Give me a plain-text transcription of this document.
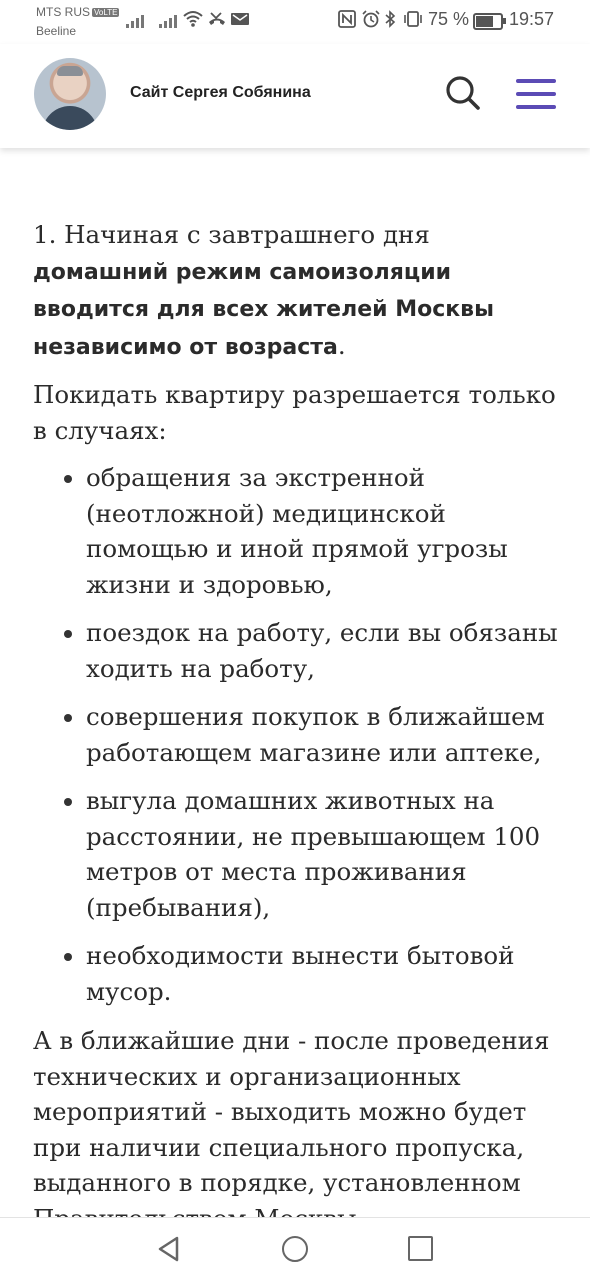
MTS RUS VoLTE
Beeline
75 % 19:57
Сайт Сергея Собянина

1. Начиная с завтрашнего дня домашний режим самоизоляции вводится для всех жителей Москвы независимо от возраста.

Покидать квартиру разрешается только в случаях:

обращения за экстренной (неотложной) медицинской помощью и иной прямой угрозы жизни и здоровью,
поездок на работу, если вы обязаны ходить на работу,
совершения покупок в ближайшем работающем магазине или аптеке,
выгула домашних животных на расстоянии, не превышающем 100 метров от места проживания (пребывания),
необходимости вынести бытовой мусор.

А в ближайшие дни - после проведения технических и организационных мероприятий - выходить можно будет при наличии специального пропуска, выданного в порядке, установленном
